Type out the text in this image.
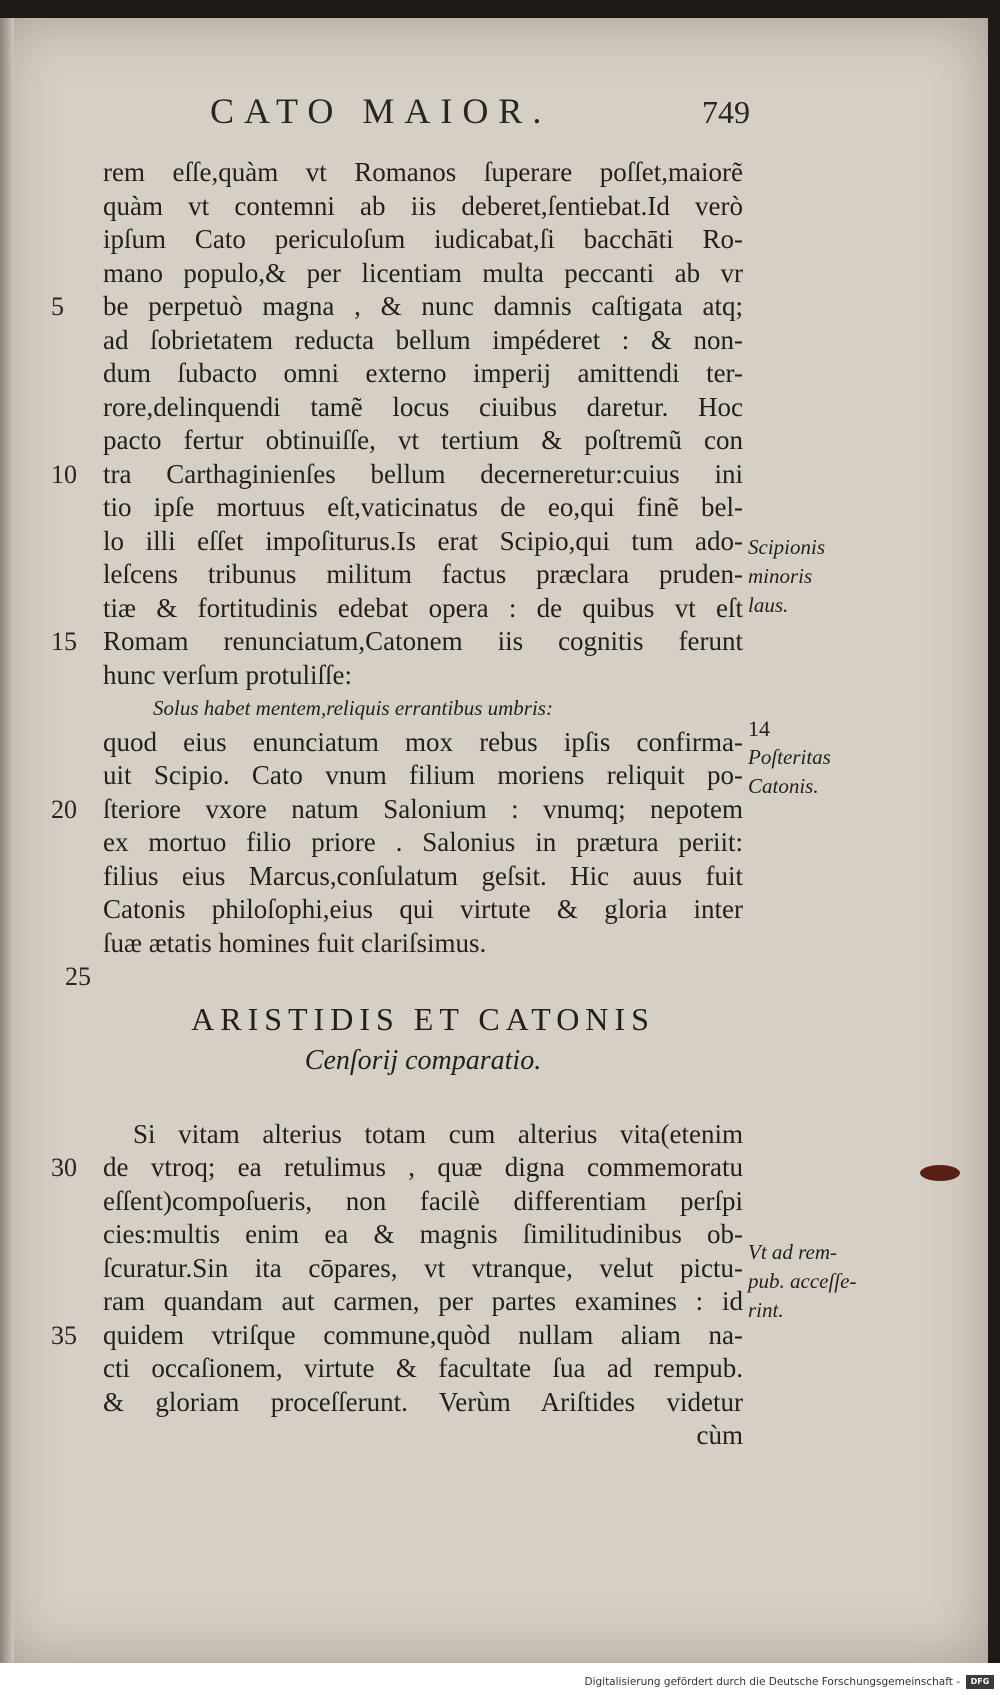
CATO MAIOR.	749
rem eſſe,quàm vt Romanos ſuperare poſſet,maiorẽ
quàm vt contemni ab iis deberet,ſentiebat.Id verò
ipſum Cato periculoſum iudicabat,ſi bacchāti Ro-
mano populo,& per licentiam multa peccanti ab vr
5	be perpetuò magna , & nunc damnis caſtigata atq;
ad ſobrietatem reducta bellum impéderet : & non-
dum ſubacto omni externo imperij amittendi ter-
rore,delinquendi tamẽ locus ciuibus daretur. Hoc
pacto fertur obtinuiſſe, vt tertium & poſtremũ con
10 tra Carthaginienſes bellum decerneretur:cuius ini
tio ipſe mortuus eſt,vaticinatus de eo,qui finẽ bel-
lo illi eſſet impoſiturus.Is erat Scipio,qui tum ado-
leſcens tribunus militum factus præclara pruden-
tiæ & fortitudinis edebat opera : de quibus vt eſt
15 Romam renunciatum,Catonem iis cognitis ferunt
hunc verſum protuliſſe:
Solus habet mentem,reliquis errantibus umbris:
quod eius enunciatum mox rebus ipſis confirma-
uit Scipio. Cato vnum filium moriens reliquit po-
20 ſteriore vxore natum Salonium : vnumq; nepotem
ex mortuo filio priore . Salonius in prætura periit:
filius eius Marcus,conſulatum geſsit. Hic auus fuit
Catonis philoſophi,eius qui virtute & gloria inter
ſuæ ætatis homines fuit clariſsimus.
25
ARISTIDIS ET CATONIS
Cenſorij comparatio.
Si vitam alterius totam cum alterius vita(etenim
30 de vtroq; ea retulimus , quæ digna commemoratu
eſſent)compoſueris, non facilè differentiam perſpi
cies:multis enim ea & magnis ſimilitudinibus ob-
ſcuratur.Sin ita cōpares, vt vtranque, velut pictu-
ram quandam aut carmen, per partes examines : id
35 quidem vtriſque commune,quòd nullam aliam na-
cti occaſionem, virtute & facultate ſua ad rempub.
& gloriam proceſſerunt. Verùm Ariſtides videtur
cùm
Scipionis
minoris
laus.
14
Poſteritas
Catonis.
Vt ad rem-
pub. acceſſe-
rint.
Digitalisierung gefördert durch die Deutsche Forschungsgemeinschaft -	DFG
